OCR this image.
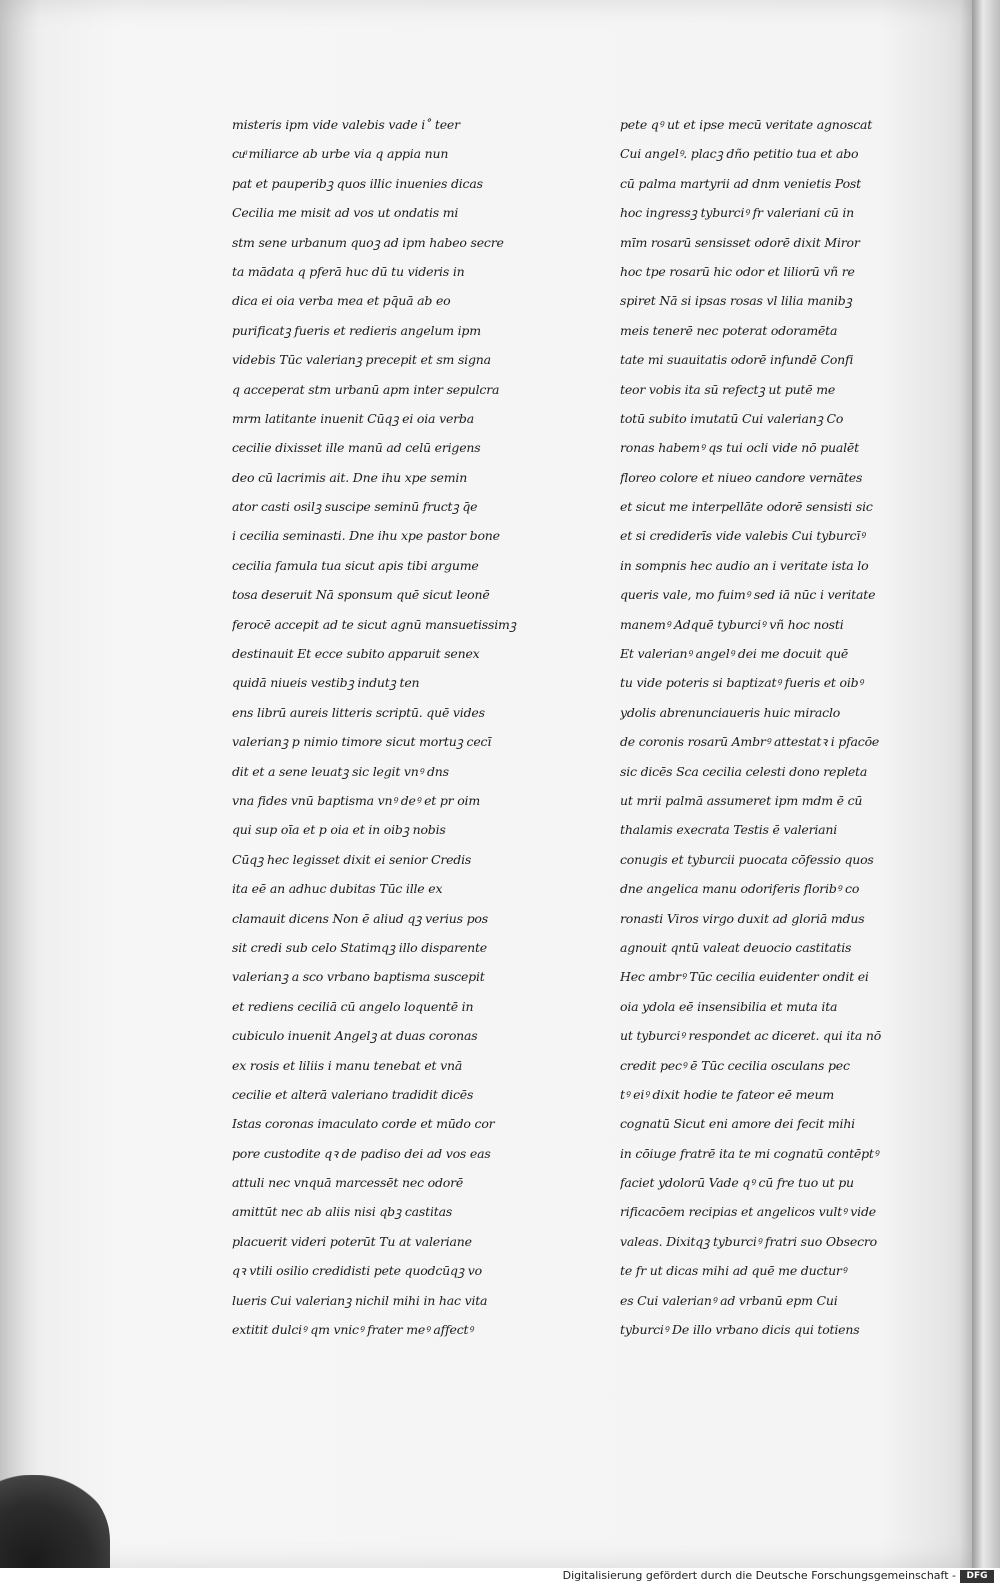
misteris ipm vide valebis vade i˚ teer
cuͣ miliarce ab urbe via q appia nun
pat et pauperibꝫ quos illic inuenies dicas
Cecilia me misit ad vos ut ondatis mi
stm sene urbanum quoꝫ ad ipm habeo secre
ta mādata q pferā huc dū tu videris in
dica ei oia verba mea et pq̄uā ab eo
purificatꝫ fueris et redieris angelum ipm
videbis Tūc valerianꝫ precepit et sm signa
q acceperat stm urbanū apm inter sepulcra
mrm latitante inuenit Cūqꝫ ei oia verba
cecilie dixisset ille manū ad celū erigens
deo cū lacrimis ait. Dne ihu xpe semin
ator casti osilꝫ suscipe seminū fructꝫ q̄e
i cecilia seminasti. Dne ihu xpe pastor bone
cecilia famula tua sicut apis tibi argume
tosa deseruit Nā sponsum quē sicut leonē
ferocē accepit ad te sicut agnū mansuetissimꝫ
destinauit Et ecce subito apparuit senex
quidā niueis vestibꝫ indutꝫ ten
ens librū aureis litteris scriptū. quē vides
valerianꝫ p nimio timore sicut mortuꝫ cecī
dit et a sene leuatꝫ sic legit vnꝰ dns
vna fides vnū baptisma vnꝰ deꝰ et pr oim
qui sup oīa et p oia et in oibꝫ nobis
Cūqꝫ hec legisset dixit ei senior Credis
ita eē an adhuc dubitas Tūc ille ex
clamauit dicens Non ē aliud qꝫ verius pos
sit credi sub celo Statimqꝫ illo disparente
valerianꝫ a sco vrbano baptisma suscepit
et rediens ceciliā cū angelo loquentē in
cubiculo inuenit Angelꝫ at duas coronas
ex rosis et liliis i manu tenebat et vnā
cecilie et alterā valeriano tradidit dicēs
Istas coronas imaculato corde et mūdo cor
pore custodite qꝛ de padiso dei ad vos eas
attuli nec vnquā marcessēt nec odorē
amittūt nec ab aliis nisi qbꝫ castitas
placuerit videri poterūt Tu at valeriane
qꝛ vtili osilio credidisti pete quodcūqꝫ vo
lueris Cui valerianꝫ nichil mihi in hac vita
extitit dulciꝰ qm vnicꝰ frater meꝰ affectꝰ
pete qꝰ ut et ipse mecū veritate agnoscat
Cui angelꝰ. placꝫ dño petitio tua et abo
cū palma martyrii ad dnm venietis Post
hoc ingressꝫ tyburciꝰ fr valeriani cū in
mīm rosarū sensisset odorē dixit Miror
hoc tpe rosarū hic odor et liliorū vñ re
spiret Nā si ipsas rosas vl lilia manibꝫ
meis tenerē nec poterat odoramēta
tate mi suauitatis odorē infundē Confi
teor vobis ita sū refectꝫ ut putē me
totū subito imutatū Cui valerianꝫ Co
ronas habemꝰ qs tui ocli vide nō pualēt
floreo colore et niueo candore vernātes
et sicut me interpellāte odorē sensisti sic
et si crediderīs vide valebis Cui tyburcīꝰ
in sompnis hec audio an i veritate ista lo
queris vale, mo fuimꝰ sed iā nūc i veritate
manemꝰ Adquē tyburciꝰ vñ hoc nosti
Et valerianꝰ angelꝰ dei me docuit quē
tu vide poteris si baptizatꝰ fueris et oibꝰ
ydolis abrenunciaueris huic miraclo
de coronis rosarū Ambrꝰ attestatꝛ i pfacōe
sic dicēs Sca cecilia celesti dono repleta
ut mrii palmā assumeret ipm mdm ē cū
thalamis execrata Testis ē valeriani
conugis et tyburcii puocata cōfessio quos
dne angelica manu odoriferis floribꝰ co
ronasti Viros virgo duxit ad gloriā mdus
agnouit qntū valeat deuocio castitatis
Hec ambrꝰ Tūc cecilia euidenter ondit ei
oia ydola eē insensibilia et muta ita
ut tyburciꝰ respondet ac diceret. qui ita nō
credit pecꝰ ē Tūc cecilia osculans pec
tꝰ eiꝰ dixit hodie te fateor eē meum
cognatū Sicut eni amore dei fecit mihi
in cōiuge fratrē ita te mi cognatū contēptꝰ
faciet ydolorū Vade qꝰ cū fre tuo ut pu
rificacōem recipias et angelicos vultꝰ vide
valeas. Dixitqꝫ tyburciꝰ fratri suo Obsecro
te fr ut dicas mihi ad quē me ducturꝰ
es Cui valerianꝰ ad vrbanū epm Cui
tyburciꝰ De illo vrbano dicis qui totiens
Digitalisierung gefördert durch die Deutsche Forschungsgemeinschaft -	DFG
